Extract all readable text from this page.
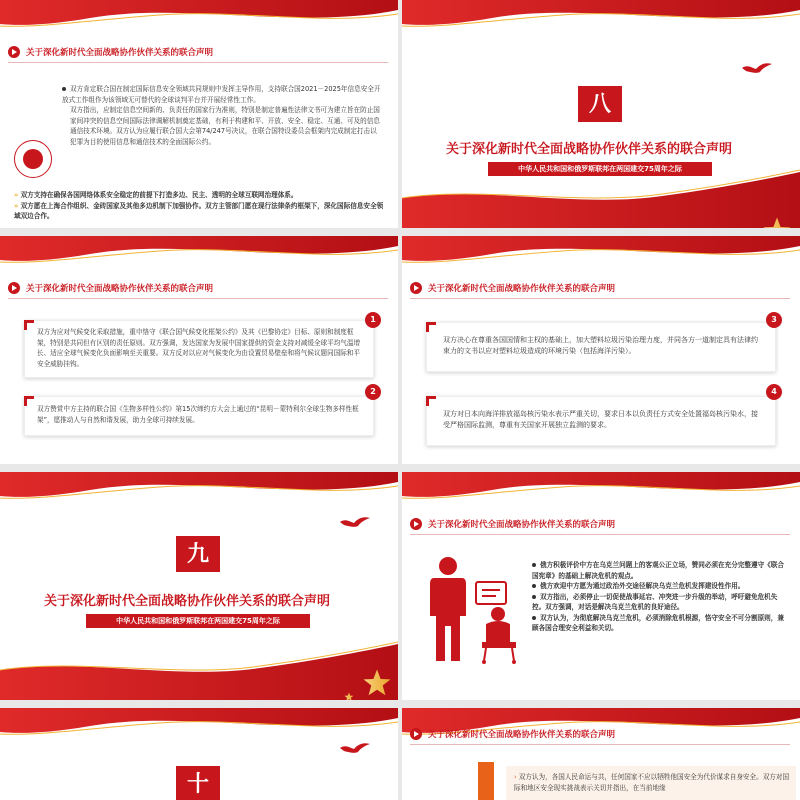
关于深化新时代全面战略协作伙伴关系的联合声明
双方肯定联合国在制定国际信息安全领域共同规则中发挥主导作用，支持联合国2021－2025年信息安全开放式工作组作为该领域无可替代的全球谈判平台并开展经常性工作。
双方指出，应制定信息空间新的、负责任的国家行为准则，特别是制定普遍性法律文书可为建立旨在防止国家间冲突的信息空间国际法律调解机制奠定基础，有利于构建和平、开放、安全、稳定、互通、可及的信息通信技术环境。双方认为应履行联合国大会第74/247号决议，在联合国特设委员会框架内完成制定打击以犯罪为目的使用信息和通信技术的全面国际公约。
» 双方支持在确保各国网络体系安全稳定的前提下打造多边、民主、透明的全球互联网治理体系。
» 双方愿在上海合作组织、金砖国家及其他多边机制下加强协作。双方主管部门愿在现行法律条约框架下，深化国际信息安全领域双边合作。
八
关于深化新时代全面战略协作伙伴关系的联合声明
中华人民共和国和俄罗斯联邦在两国建交75周年之际
关于深化新时代全面战略协作伙伴关系的联合声明
双方为应对气候变化采取措施，重申恪守《联合国气候变化框架公约》及其《巴黎协定》目标、原则和制度框架，特别是共同但有区别的责任原则。双方强调，发达国家为发展中国家提供的资金支持对减缓全球平均气温增长、适应全球气候变化负面影响至关重要。双方反对以应对气候变化为由设置贸易壁垒和将气候议题同国际和平安全威胁挂钩。
1
双方赞赏中方主持的联合国《生物多样性公约》第15次缔约方大会上通过的“昆明－蒙特利尔全球生物多样性框架”，愿推动人与自然和谐发展，助力全球可持续发展。
2
关于深化新时代全面战略协作伙伴关系的联合声明
双方决心在尊重各国国情和主权的基础上，加大塑料垃圾污染治理力度，并同各方一道制定具有法律约束力的文书以应对塑料垃圾造成的环境污染（包括海洋污染）。
3
双方对日本向海洋排放福岛核污染水表示严重关切，要求日本以负责任方式安全处置福岛核污染水，接受严格国际监测，尊重有关国家开展独立监测的要求。
4
九
关于深化新时代全面战略协作伙伴关系的联合声明
中华人民共和国和俄罗斯联邦在两国建交75周年之际
关于深化新时代全面战略协作伙伴关系的联合声明
俄方积极评价中方在乌克兰问题上的客观公正立场，赞同必须在充分完整遵守《联合国宪章》的基础上解决危机的观点。
俄方欢迎中方愿为通过政治外交途径解决乌克兰危机发挥建设性作用。
双方指出，必须停止一切促使战事延宕、冲突进一步升级的举动，呼吁避免危机失控。双方强调，对话是解决乌克兰危机的良好途径。
双方认为，为彻底解决乌克兰危机，必须消除危机根源，恪守安全不可分割原则，兼顾各国合理安全利益和关切。
十
关于深化新时代全面战略协作伙伴关系的联合声明
› 双方认为，各国人民命运与共，任何国家不应以牺牲他国安全为代价谋求自身安全。双方对国际和地区安全现实挑战表示关切并指出，在当前地缘
